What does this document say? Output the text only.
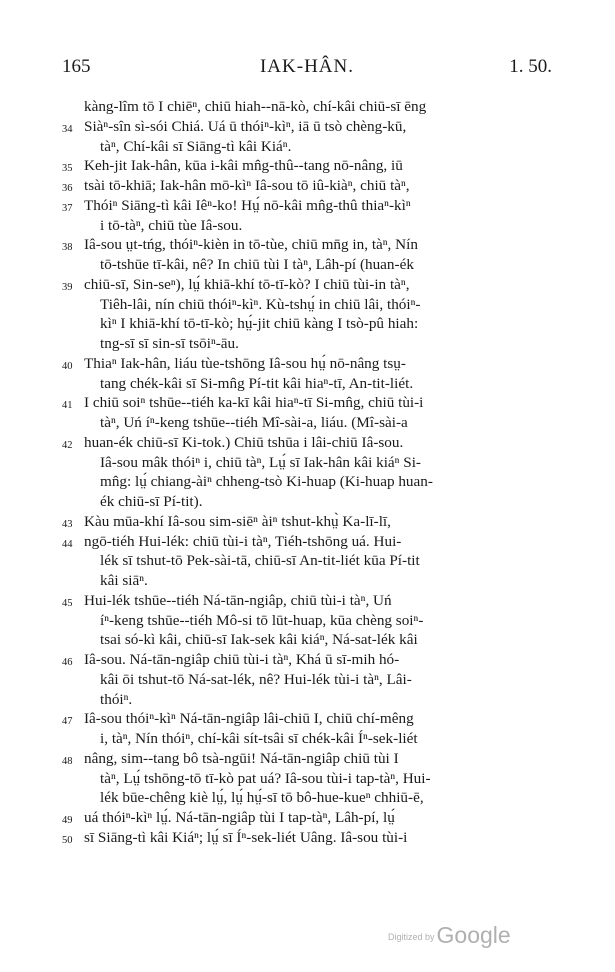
165	IAK-HÂN.	1. 50.
kàng-lîm tō I chiēⁿ, chiū hiah--nā-kò, chí-kâi chiū-sī ēng
34 Siàⁿ-sîn sì-sói Chiá. Uá ū thóiⁿ-kìⁿ, iā ū tsò chèng-kū,
tàⁿ, Chí-kâi sī Siāng-tì kâi Kiáⁿ.
35 Keh-jit Iak-hân, kūa i-kâi mn̂g-thû--tang nō-nâng, iū
36 tsài tō-khiā; Iak-hân mō-kìⁿ Iâ-sou tō iû-kiàⁿ, chiū tàⁿ,
37 Thóiⁿ Siāng-tì kâi Iêⁿ-ko! Hṳ́ nō-kâi mn̂g-thû thiaⁿ-kìⁿ
i tō-tàⁿ, chiū tùe Iâ-sou.
38 Iâ-sou ṳt-tńg, thóiⁿ-kièn in tō-tùe, chiū mn̄g in, tàⁿ, Nín
tō-tshūe tī-kâi, nê? In chiū tùi I tàⁿ, Lâh-pí (huan-ék
39 chiū-sī, Sin-seⁿ), lṳ́ khiā-khí tō-tī-kò? I chiū tùi-in tàⁿ,
Tiêh-lâi, nín chiū thóiⁿ-kìⁿ. Kù-tshṳ́ in chiū lâi, thóiⁿ-
kìⁿ I khiā-khí tō-tī-kò; hṳ́-jit chiū kàng I tsò-pû hiah:
tng-sī sī sin-sī tsōiⁿ-āu.
40 Thiaⁿ Iak-hân, liáu tùe-tshōng Iâ-sou hṳ́ nō-nâng tsṳ-
tang chék-kâi sī Si-mn̂g Pí-tit kâi hiaⁿ-tī, An-tit-liét.
41 I chiū soiⁿ tshūe--tiéh ka-kī kâi hiaⁿ-tī Si-mn̂g, chiū tùi-i
tàⁿ, Uń íⁿ-keng tshūe--tiéh Mî-sài-a, liáu. (Mî-sài-a
42 huan-ék chiū-sī Ki-tok.) Chiū tshūa i lâi-chiū Iâ-sou.
Iâ-sou mâk thóiⁿ i, chiū tàⁿ, Lṳ́ sī Iak-hân kâi kiáⁿ Si-
mn̂g: lṳ́ chiang-àiⁿ chheng-tsò Ki-huap (Ki-huap huan-
ék chiū-sī Pí-tit).
43 Kàu mūa-khí Iâ-sou sim-siēⁿ àiⁿ tshut-khṳ̀ Ka-lī-lī,
44 ngō-tiéh Hui-lék: chiū tùi-i tàⁿ, Tiéh-tshōng uá. Hui-
lék sī tshut-tō Pek-sài-tā, chiū-sī An-tit-liét kūa Pí-tit
kâi siāⁿ.
45 Hui-lék tshūe--tiéh Ná-tān-ngiâp, chiū tùi-i tàⁿ, Uń
íⁿ-keng tshūe--tiéh Mô-si tō lūt-huap, kūa chèng soiⁿ-
tsai só-kì kâi, chiū-sī Iak-sek kâi kiáⁿ, Ná-sat-lék kâi
46 Iâ-sou. Ná-tān-ngiâp chiū tùi-i tàⁿ, Khá ū sī-mih hó-
kâi ōi tshut-tō Ná-sat-lék, nê? Hui-lék tùi-i tàⁿ, Lâi-
thóiⁿ.
47 Iâ-sou thóiⁿ-kìⁿ Ná-tān-ngiâp lâi-chiū I, chiū chí-mêng
i, tàⁿ, Nín thóiⁿ, chí-kâi sít-tsâi sī chék-kâi Íⁿ-sek-liét
48 nâng, sim--tang bô tsà-ngūi! Ná-tān-ngiâp chiū tùi I
tàⁿ, Lṳ́ tshōng-tō tī-kò pat uá? Iâ-sou tùi-i tap-tàⁿ, Hui-
lék būe-chêng kiè lṳ́, lṳ́ hṳ́-sī tō bô-hue-kueⁿ chhiū-ē,
49 uá thóiⁿ-kìⁿ lṳ́. Ná-tān-ngiâp tùi I tap-tàⁿ, Lâh-pí, lṳ́
50 sī Siāng-tì kâi Kiáⁿ; lṳ́ sī Íⁿ-sek-liét Uâng. Iâ-sou tùi-i
Digitized byGoogle
